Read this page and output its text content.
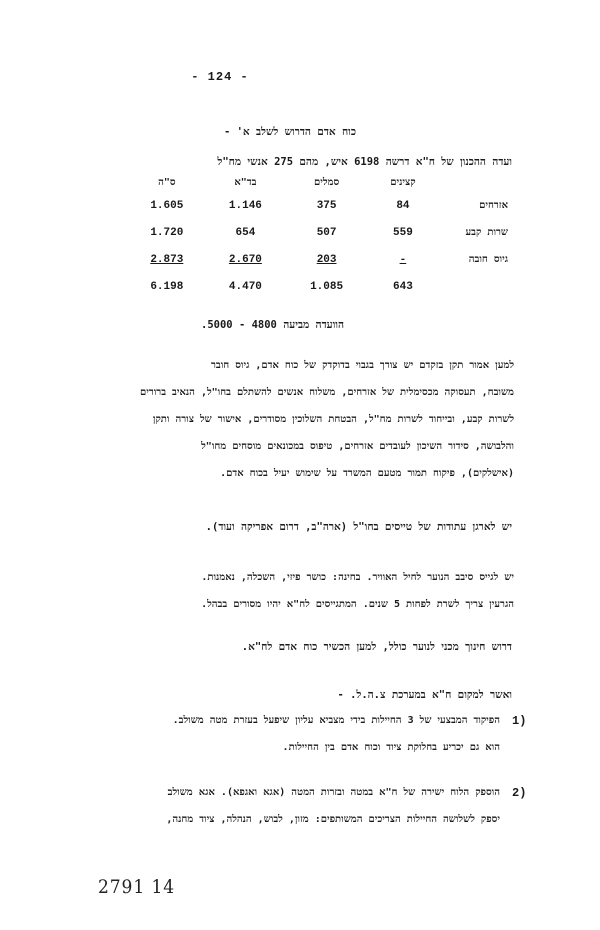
- 124 -
כוח אדם הדרוש לשלב א' -
ועדה ההכנון של ח"א דרשה 6198 איש, מהם 275 אנשי מח"ל
ס"ה	בד"א	סמלים	קצינים	
1.605	1.146	375	84	אזרחים
1.720	654	507	559	שרות קבע
2.873	2.670	203	-	גיוס חובה
6.198	4.470	1.085	643	
הוועדה מביעה 4800 - 5000.
למען אמור תקן בזקדם יש צורך בגבוי בדוקדק של כוח אדם, גיוס חובר
משובח, תעסוקה מכסימלית של אזרחים, משלוח אנשים להשתלם בחו"ל, הנאיב ברורים
לשרות קבע, ובייחוד לשרות מח"ל, הבטחת השלוכין מסודרים, אישור של צורה ותקן
והלבושה, סידור השיכון לעובדים אזרחים, טיפוס במכונאים מוסחים מחו"ל
(אישלקים), פיקוח תמור מטעם המשרד על שימוש יעיל בכוח אדם.
יש לארגן עתודות של טייסים בחו"ל (ארה"ב, דרום אפריקה ועוד).
יש לגייס סיבב הנוער לחיל האוויר. בחינה: כושר פיזי, השכלה, נאמנות.
הגרעין צריך לשרת לפחות 5 שנים. המתגייסים לח"א יהיו מסורים בבהל.
דרוש חינוך מכני לנוער כולל, למען הכשיר כוח אדם לח"א.
ואשר למקום ח"א במערכת צ.ה.ל. -
1)
הפיקוד המבצעי של 3 החיילות בידי מצביא עליון שיפעל בעזרת מטה משולב.
הוא גם יכריע בחלוקת ציוד וכוח אדם בין החיילות.
2)
הוספק הלוח ישירה של ח"א במטה ובזרות המטה (אגא ואגפא). אגא משולב
יספק לשלושה החיילות הצריכים המשותפים: מזון, לבוש, הנהלה, ציוד מחנה,
2791 14
